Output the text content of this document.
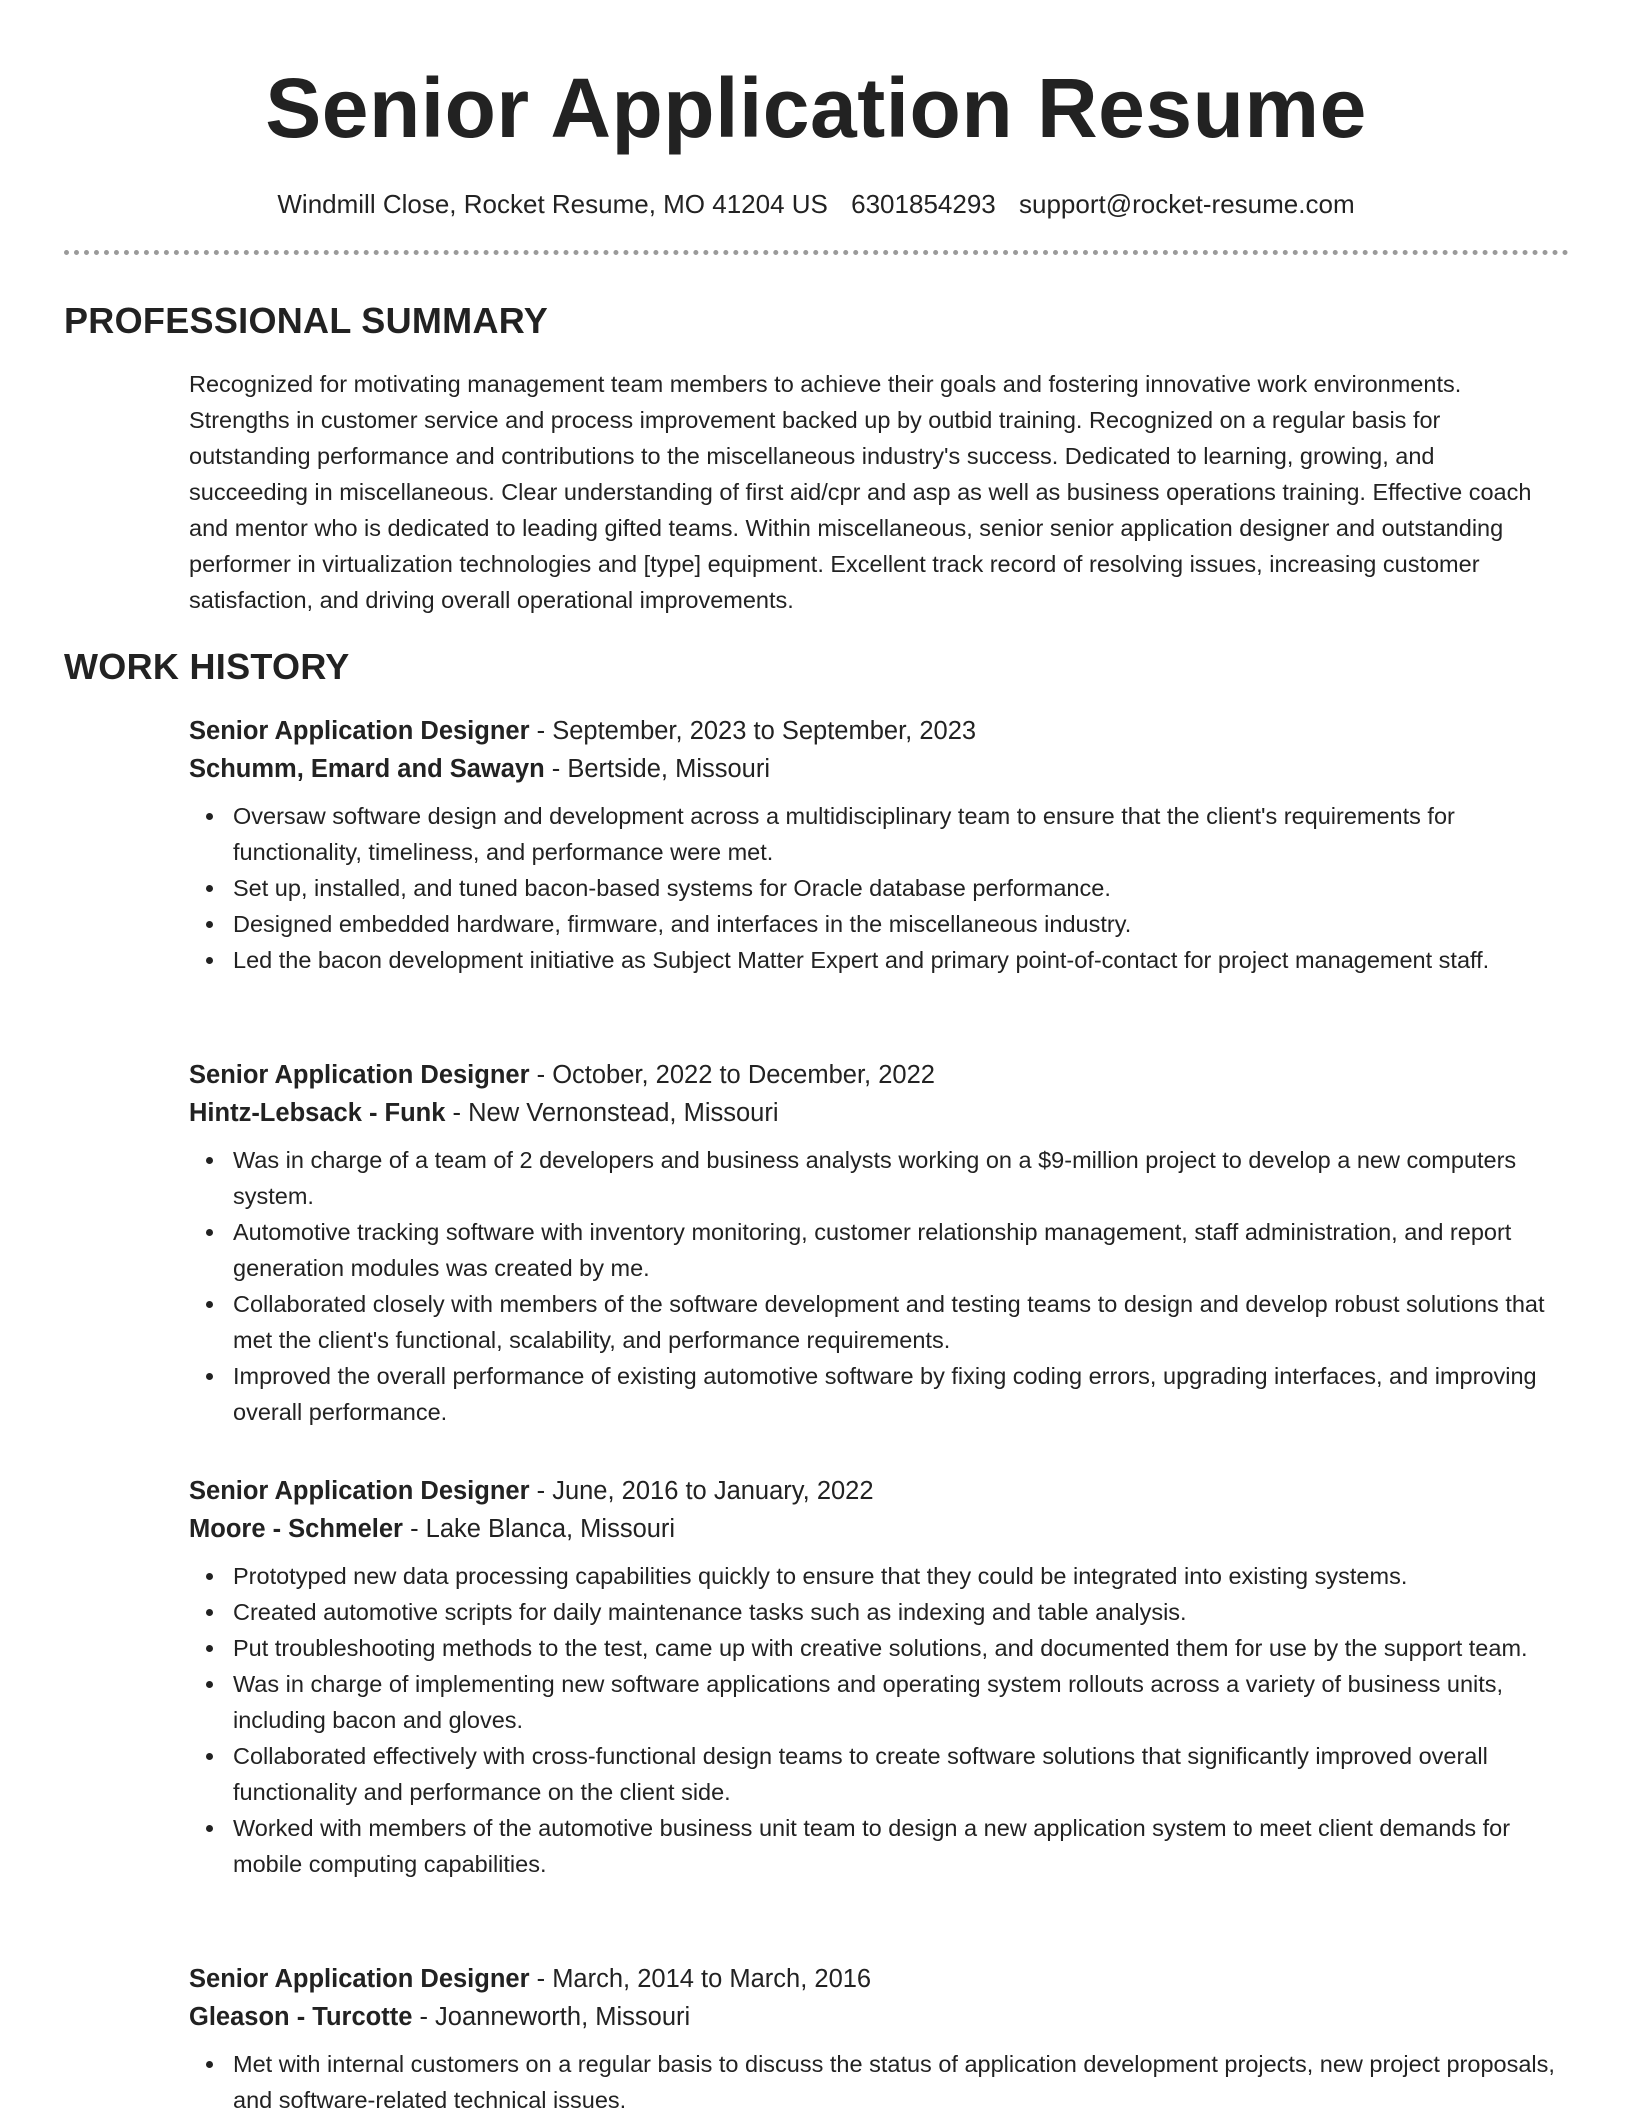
Senior Application Resume
Windmill Close, Rocket Resume, MO 41204 US 6301854293 support@rocket-resume.com
PROFESSIONAL SUMMARY

Recognized for motivating management team members to achieve their goals and fostering innovative work environments. Strengths in customer service and process improvement backed up by outbid training. Recognized on a regular basis for outstanding performance and contributions to the miscellaneous industry's success. Dedicated to learning, growing, and succeeding in miscellaneous. Clear understanding of first aid/cpr and asp as well as business operations training. Effective coach and mentor who is dedicated to leading gifted teams. Within miscellaneous, senior senior application designer and outstanding performer in virtualization technologies and [type] equipment. Excellent track record of resolving issues, increasing customer satisfaction, and driving overall operational improvements.

WORK HISTORY
Senior Application Designer - September, 2023 to September, 2023
Schumm, Emard and Sawayn - Bertside, Missouri
Oversaw software design and development across a multidisciplinary team to ensure that the client's requirements for functionality, timeliness, and performance were met.
Set up, installed, and tuned bacon-based systems for Oracle database performance.
Designed embedded hardware, firmware, and interfaces in the miscellaneous industry.
Led the bacon development initiative as Subject Matter Expert and primary point-of-contact for project management staff.
Senior Application Designer - October, 2022 to December, 2022
Hintz-Lebsack - Funk - New Vernonstead, Missouri
Was in charge of a team of 2 developers and business analysts working on a $9-million project to develop a new computers system.
Automotive tracking software with inventory monitoring, customer relationship management, staff administration, and report generation modules was created by me.
Collaborated closely with members of the software development and testing teams to design and develop robust solutions that met the client's functional, scalability, and performance requirements.
Improved the overall performance of existing automotive software by fixing coding errors, upgrading interfaces, and improving overall performance.
Senior Application Designer - June, 2016 to January, 2022
Moore - Schmeler - Lake Blanca, Missouri
Prototyped new data processing capabilities quickly to ensure that they could be integrated into existing systems.
Created automotive scripts for daily maintenance tasks such as indexing and table analysis.
Put troubleshooting methods to the test, came up with creative solutions, and documented them for use by the support team.
Was in charge of implementing new software applications and operating system rollouts across a variety of business units, including bacon and gloves.
Collaborated effectively with cross-functional design teams to create software solutions that significantly improved overall functionality and performance on the client side.
Worked with members of the automotive business unit team to design a new application system to meet client demands for mobile computing capabilities.
Senior Application Designer - March, 2014 to March, 2016
Gleason - Turcotte - Joanneworth, Missouri
Met with internal customers on a regular basis to discuss the status of application development projects, new project proposals, and software-related technical issues.
